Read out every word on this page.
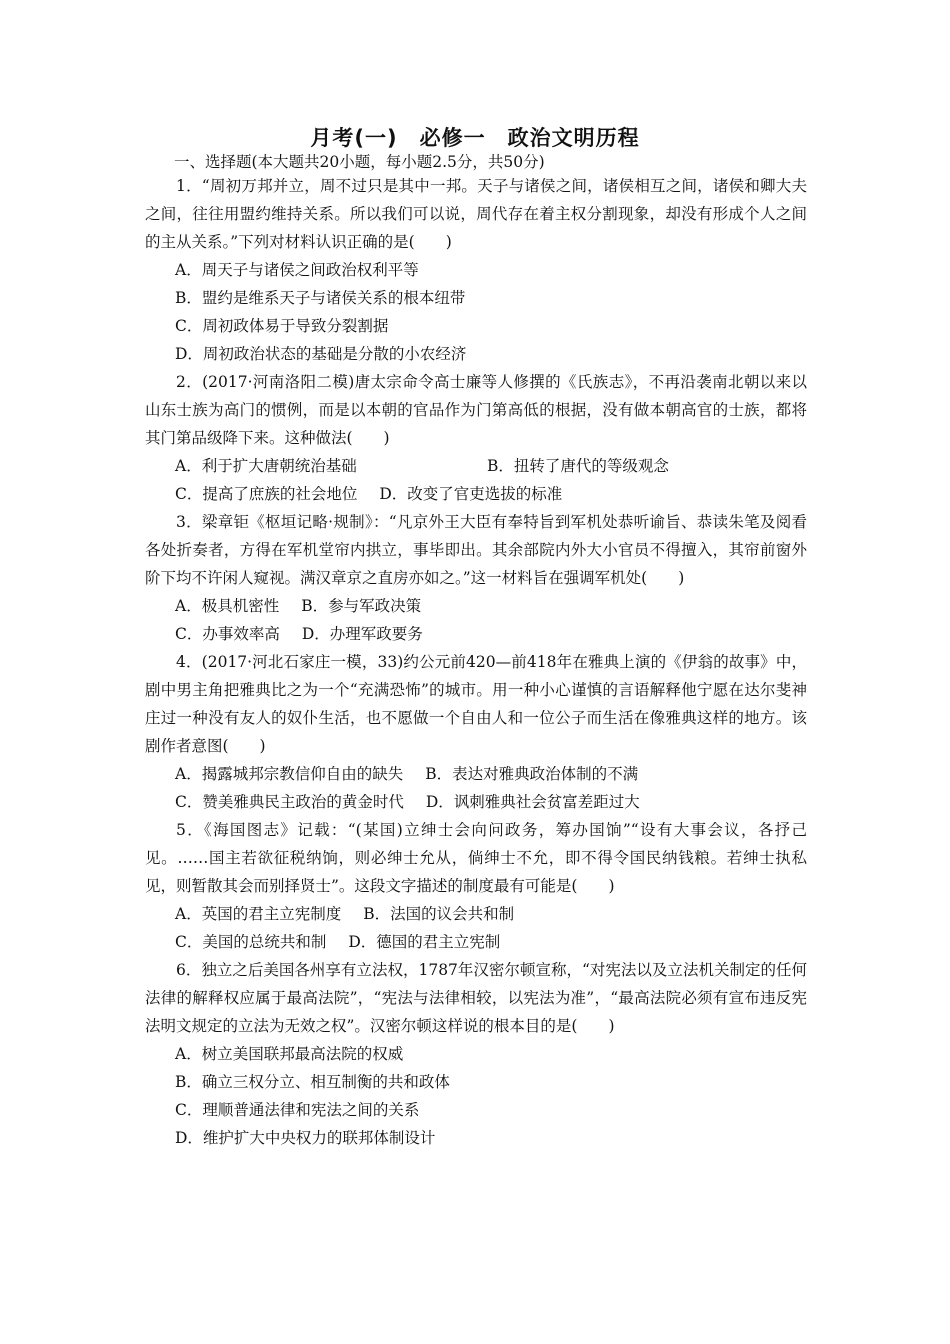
月考(一)　必修一　政治文明历程
一、选择题(本大题共20小题，每小题2.5分，共50分)

1．“周初万邦并立，周不过只是其中一邦。天子与诸侯之间，诸侯相互之间，诸侯和卿大夫之间，往往用盟约维持关系。所以我们可以说，周代存在着主权分割现象，却没有形成个人之间的主从关系。”下列对材料认识正确的是(　　)

A．周天子与诸侯之间政治权利平等

B．盟约是维系天子与诸侯关系的根本纽带

C．周初政体易于导致分裂割据

D．周初政治状态的基础是分散的小农经济

2．(2017·河南洛阳二模)唐太宗命令高士廉等人修撰的《氏族志》，不再沿袭南北朝以来以山东士族为高门的惯例，而是以本朝的官品作为门第高低的根据，没有做本朝高官的士族，都将其门第品级降下来。这种做法(　　)

A．利于扩大唐朝统治基础	B．扭转了唐代的等级观念

C．提高了庶族的社会地位 D．改变了官吏选拔的标准

3．梁章钜《枢垣记略·规制》：“凡京外王大臣有奉特旨到军机处恭听谕旨、恭读朱笔及阅看各处折奏者，方得在军机堂帘内拱立，事毕即出。其余部院内外大小官员不得擅入，其帘前窗外阶下均不许闲人窥视。满汉章京之直房亦如之。”这一材料旨在强调军机处(　　)

A．极具机密性 B．参与军政决策

C．办事效率高 D．办理军政要务

4．(2017·河北石家庄一模，33)约公元前420—前418年在雅典上演的《伊翁的故事》中，剧中男主角把雅典比之为一个“充满恐怖”的城市。用一种小心谨慎的言语解释他宁愿在达尔斐神庄过一种没有友人的奴仆生活，也不愿做一个自由人和一位公子而生活在像雅典这样的地方。该剧作者意图(　　)

A．揭露城邦宗教信仰自由的缺失 B．表达对雅典政治体制的不满

C．赞美雅典民主政治的黄金时代 D．讽刺雅典社会贫富差距过大

5．《海国图志》记载：“(某国)立绅士会向问政务，筹办国饷”“设有大事会议，各抒己见。……国主若欲征税纳饷，则必绅士允从，倘绅士不允，即不得令国民纳钱粮。若绅士执私见，则暂散其会而别择贤士”。这段文字描述的制度最有可能是(　　)

A．英国的君主立宪制度 B．法国的议会共和制

C．美国的总统共和制 D．德国的君主立宪制

6．独立之后美国各州享有立法权，1787年汉密尔顿宣称，“对宪法以及立法机关制定的任何法律的解释权应属于最高法院”，“宪法与法律相较，以宪法为准”，“最高法院必须有宣布违反宪法明文规定的立法为无效之权”。汉密尔顿这样说的根本目的是(　　)

A．树立美国联邦最高法院的权威

B．确立三权分立、相互制衡的共和政体

C．理顺普通法律和宪法之间的关系

D．维护扩大中央权力的联邦体制设计
